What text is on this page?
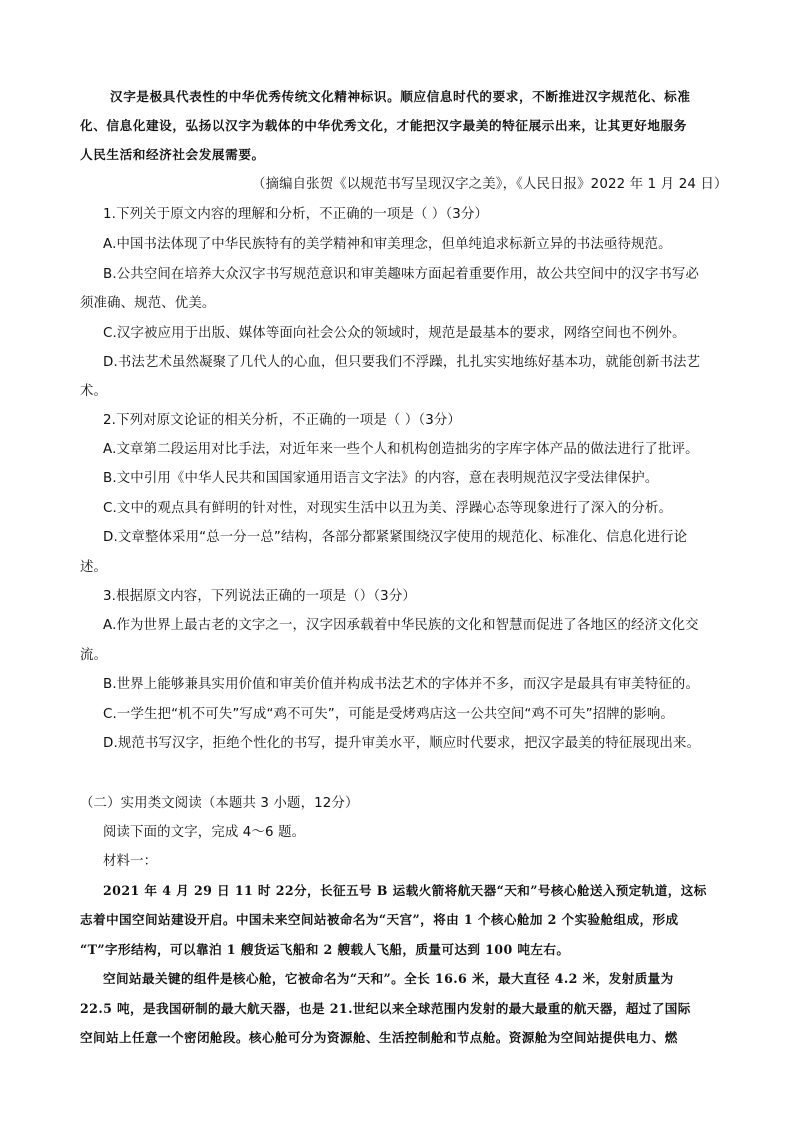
汉字是极具代表性的中华优秀传统文化精神标识。顺应信息时代的要求，不断推进汉字规范化、标准
化、信息化建设，弘扬以汉字为载体的中华优秀文化，才能把汉字最美的特征展示出来，让其更好地服务
人民生活和经济社会发展需要。
（摘编自张贺《以规范书写呈现汉字之美》，《人民日报》2022 年 1 月 24 日）
1.下列关于原文内容的理解和分析，不正确的一项是（ ）（3分）
A.中国书法体现了中华民族特有的美学精神和审美理念，但单纯追求标新立异的书法亟待规范。
B.公共空间在培养大众汉字书写规范意识和审美趣味方面起着重要作用，故公共空间中的汉字书写必
须准确、规范、优美。
C.汉字被应用于出版、媒体等面向社会公众的领域时，规范是最基本的要求，网络空间也不例外。
D.书法艺术虽然凝聚了几代人的心血，但只要我们不浮躁，扎扎实实地练好基本功，就能创新书法艺
术。
2.下列对原文论证的相关分析，不正确的一项是（ ）（3分）
A.文章第二段运用对比手法，对近年来一些个人和机构创造拙劣的字库字体产品的做法进行了批评。
B.文中引用《中华人民共和国国家通用语言文字法》的内容，意在表明规范汉字受法律保护。
C.文中的观点具有鲜明的针对性，对现实生活中以丑为美、浮躁心态等现象进行了深入的分析。
D.文章整体采用“总一分一总”结构，各部分都紧紧围绕汉字使用的规范化、标准化、信息化进行论
述。
3.根据原文内容，下列说法正确的一项是（）（3分）
A.作为世界上最古老的文字之一，汉字因承载着中华民族的文化和智慧而促进了各地区的经济文化交
流。
B.世界上能够兼具实用价值和审美价值并构成书法艺术的字体并不多，而汉字是最具有审美特征的。
C.一学生把“机不可失”写成“鸡不可失”，可能是受烤鸡店这一公共空间“鸡不可失”招牌的影响。
D.规范书写汉字，拒绝个性化的书写，提升审美水平，顺应时代要求，把汉字最美的特征展现出来。
（二）实用类文阅读（本题共 3 小题，12分）
阅读下面的文字，完成 4～6 题。
材料一：
2021 年 4 月 29 日 11 时 22分，长征五号 B 运载火箭将航天器“天和”号核心舱送入预定轨道，这标
志着中国空间站建设开启。中国未来空间站被命名为“天宫”，将由 1 个核心舱加 2 个实验舱组成，形成
“T”字形结构，可以靠泊 1 艘货运飞船和 2 艘载人飞船，质量可达到 100 吨左右。
空间站最关键的组件是核心舱，它被命名为“天和”。全长 16.6 米，最大直径 4.2 米，发射质量为
22.5 吨，是我国研制的最大航天器，也是 21.世纪以来全球范围内发射的最大最重的航天器，超过了国际
空间站上任意一个密闭舱段。核心舱可分为资源舱、生活控制舱和节点舱。资源舱为空间站提供电力、燃
